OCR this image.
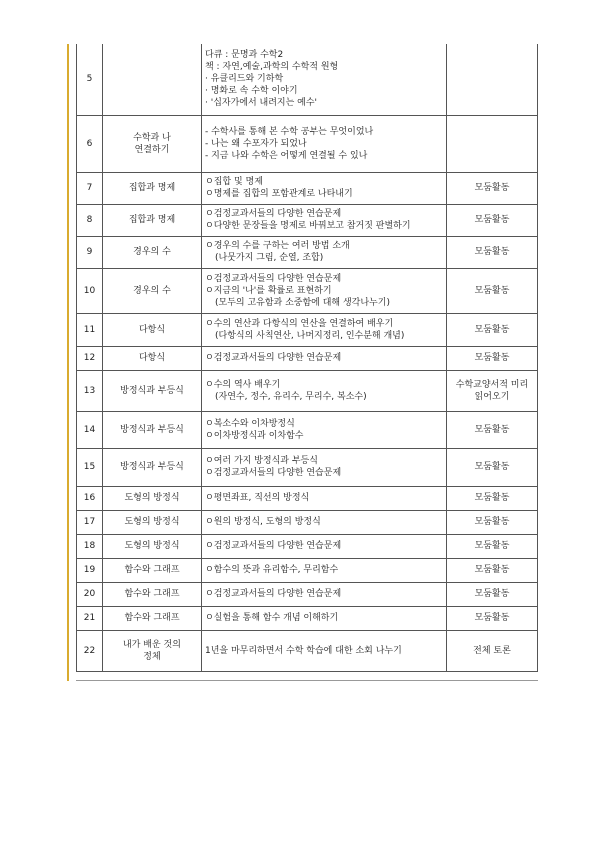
5		다큐 : 문명과 수학2
책 : 자연,예술,과학의 수학적 원형
· 유클리드와 기하학
· 명화로 속 수학 이야기
· '십자가에서 내려지는 예수'	

6	수학과 나
연결하기	- 수학사를 통해 본 수학 공부는 무엇이었나
- 나는 왜 수포자가 되었나
- 지금 나와 수학은 어떻게 연결될 수 있나	

7	집합과 명제	ㅇ집합 및 명제
ㅇ명제를 집합의 포함관계로 나타내기	모둠활동
8	집합과 명제	ㅇ검정교과서들의 다양한 연습문제
ㅇ다양한 문장들을 명제로 바꿔보고 참거짓 판별하기	모둠활동
9	경우의 수	ㅇ경우의 수를 구하는 여러 방법 소개
(나뭇가지 그림, 순열, 조합)	모둠활동
10	경우의 수	ㅇ검정교과서들의 다양한 연습문제
ㅇ지금의 '나'를 확률로 표현하기
(모두의 고유함과 소중함에 대해 생각나누기)	모둠활동
11	다항식	ㅇ수의 연산과 다항식의 연산을 연결하여 배우기
(다항식의 사칙연산, 나머지정리, 인수분해 개념)	모둠활동
12	다항식	ㅇ검정교과서들의 다양한 연습문제	모둠활동
13	방정식과 부등식	ㅇ수의 역사 배우기
(자연수, 정수, 유리수, 무리수, 복소수)	수학교양서적 미리
읽어오기

14	방정식과 부등식	ㅇ복소수와 이차방정식
ㅇ이차방정식과 이차함수	모둠활동
15	방정식과 부등식	ㅇ여러 가지 방정식과 부등식
ㅇ검정교과서들의 다양한 연습문제	모둠활동
16	도형의 방정식	ㅇ평면좌표, 직선의 방정식	모둠활동
17	도형의 방정식	ㅇ원의 방정식, 도형의 방정식	모둠활동
18	도형의 방정식	ㅇ검정교과서들의 다양한 연습문제	모둠활동
19	함수와 그래프	ㅇ함수의 뜻과 유리함수, 무리함수	모둠활동
20	함수와 그래프	ㅇ검정교과서들의 다양한 연습문제	모둠활동
21	함수와 그래프	ㅇ실험을 통해 함수 개념 이해하기	모둠활동
22	내가 배운 것의
정체	1년을 마무리하면서 수학 학습에 대한 소회 나누기	전체 토론
